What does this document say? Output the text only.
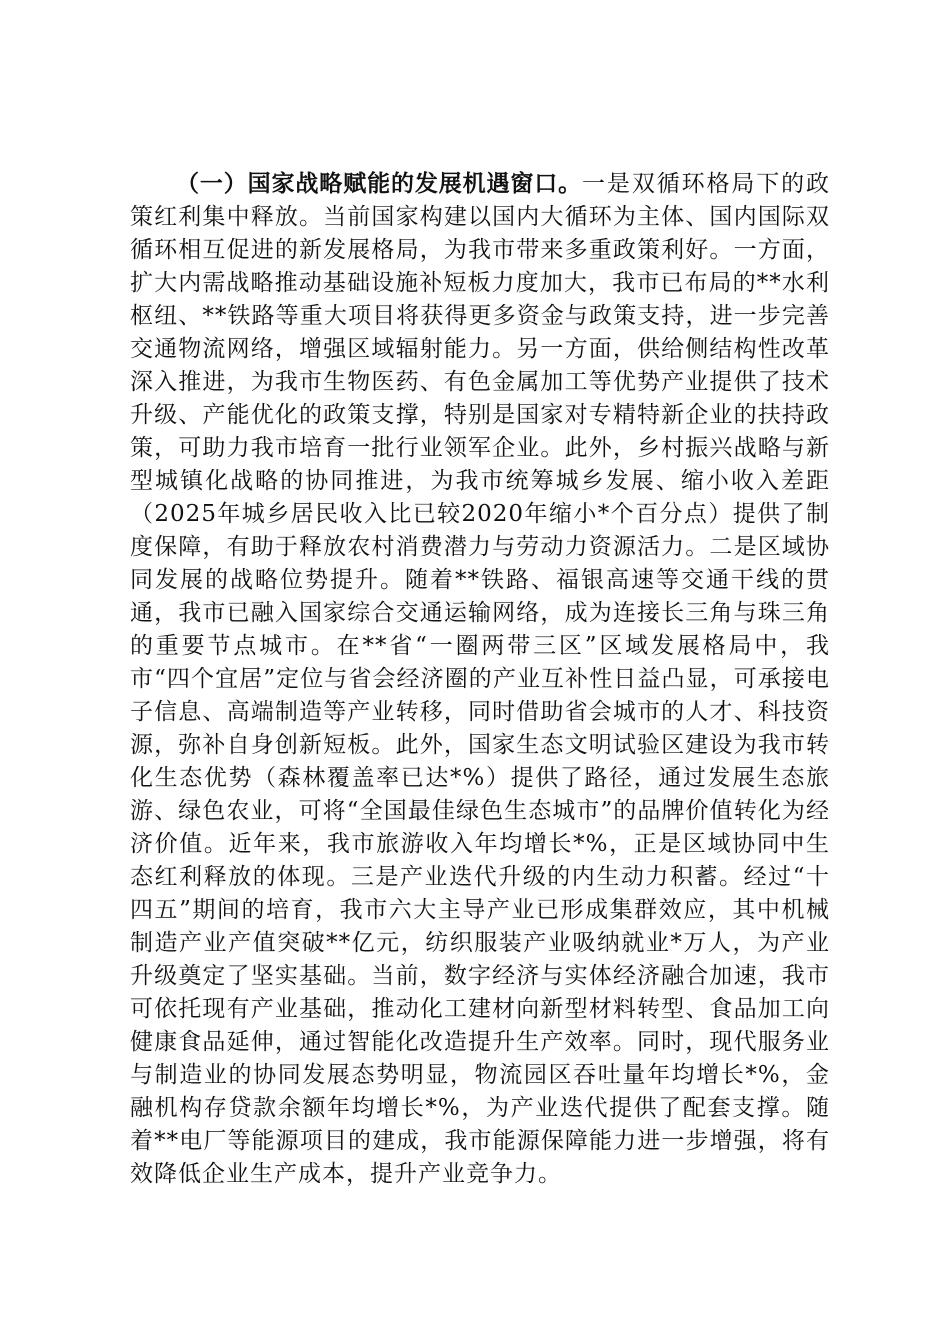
（一）国家战略赋能的发展机遇窗口。一是双循环格局下的政策红利集中释放。当前国家构建以国内大循环为主体、国内国际双循环相互促进的新发展格局，为我市带来多重政策利好。一方面，扩大内需战略推动基础设施补短板力度加大，我市已布局的**水利枢纽、**铁路等重大项目将获得更多资金与政策支持，进一步完善交通物流网络，增强区域辐射能力。另一方面，供给侧结构性改革深入推进，为我市生物医药、有色金属加工等优势产业提供了技术升级、产能优化的政策支撑，特别是国家对专精特新企业的扶持政策，可助力我市培育一批行业领军企业。此外，乡村振兴战略与新型城镇化战略的协同推进，为我市统筹城乡发展、缩小收入差距（2025年城乡居民收入比已较2020年缩小*个百分点）提供了制度保障，有助于释放农村消费潜力与劳动力资源活力。二是区域协同发展的战略位势提升。随着**铁路、福银高速等交通干线的贯通，我市已融入国家综合交通运输网络，成为连接长三角与珠三角的重要节点城市。在**省“一圈两带三区”区域发展格局中，我市“四个宜居”定位与省会经济圈的产业互补性日益凸显，可承接电子信息、高端制造等产业转移，同时借助省会城市的人才、科技资源，弥补自身创新短板。此外，国家生态文明试验区建设为我市转化生态优势（森林覆盖率已达*%）提供了路径，通过发展生态旅游、绿色农业，可将“全国最佳绿色生态城市”的品牌价值转化为经济价值。近年来，我市旅游收入年均增长*%，正是区域协同中生态红利释放的体现。三是产业迭代升级的内生动力积蓄。经过“十四五”期间的培育，我市六大主导产业已形成集群效应，其中机械制造产业产值突破**亿元，纺织服装产业吸纳就业*万人，为产业升级奠定了坚实基础。当前，数字经济与实体经济融合加速，我市可依托现有产业基础，推动化工建材向新型材料转型、食品加工向健康食品延伸，通过智能化改造提升生产效率。同时，现代服务业与制造业的协同发展态势明显，物流园区吞吐量年均增长*%，金融机构存贷款余额年均增长*%，为产业迭代提供了配套支撑。随着**电厂等能源项目的建成，我市能源保障能力进一步增强，将有效降低企业生产成本，提升产业竞争力。
